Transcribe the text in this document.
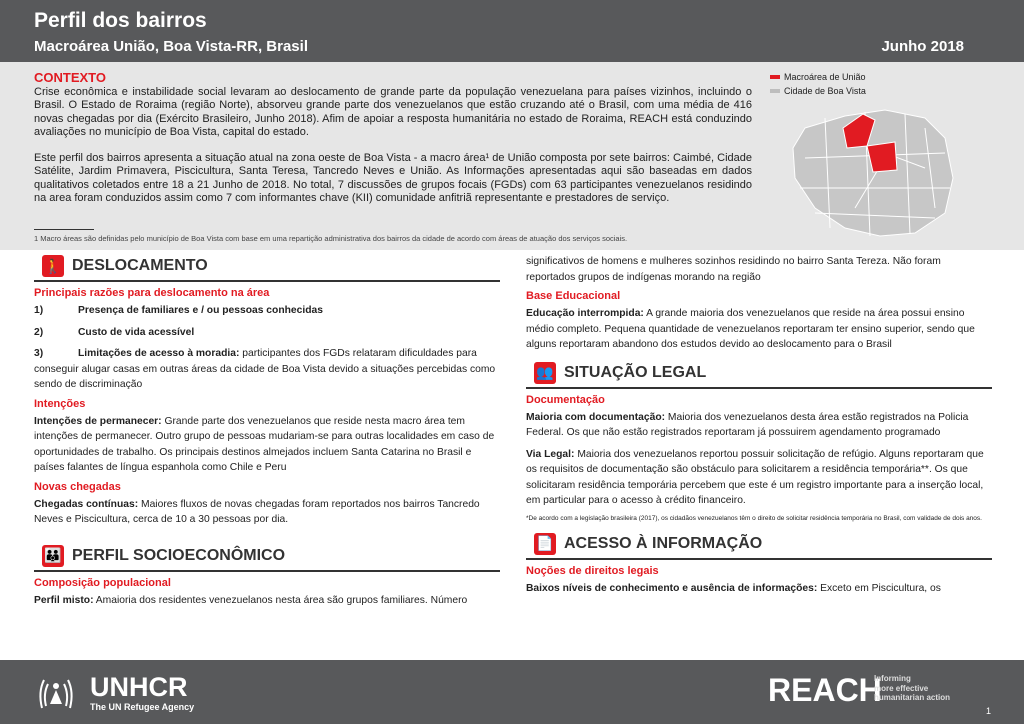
Perfil dos bairros
Macroárea União, Boa Vista-RR, Brasil	Junho 2018
CONTEXTO
Crise econômica e instabilidade social levaram ao deslocamento de grande parte da população venezuelana para países vizinhos, incluindo o Brasil. O Estado de Roraima (região Norte), absorveu grande parte dos venezuelanos que estão cruzando até o Brasil, com uma média de 416 novas chegadas por dia (Exército Brasileiro, Junho 2018). Afim de apoiar a resposta humanitária no estado de Roraima, REACH está conduzindo avaliações no município de Boa Vista, capital do estado.
Este perfil dos bairros apresenta a situação atual na zona oeste de Boa Vista - a macro área¹ de União composta por sete bairros: Caimbé, Cidade Satélite, Jardim Primavera, Piscicultura, Santa Teresa, Tancredo Neves e União. As Informações apresentadas aqui são baseadas em dados qualitativos coletados entre 18 a 21 Junho de 2018. No total, 7 discussões de grupos focais (FGDs) com 63 participantes venezuelanos residindo na area foram conduzidos assim como 7 com informantes chave (KII) comunidade anfitriã representante e prestadores de serviço.
1 Macro áreas são definidas pelo município de Boa Vista com base em uma repartição administrativa dos bairros da cidade de acordo com áreas de atuação dos serviços sociais.
Macroárea de União
Cidade de Boa Vista
🚶 DESLOCAMENTO
Principais razões para deslocamento na área
1)	Presença de familiares e / ou pessoas conhecidas
2)	Custo de vida acessível
3)	Limitações de acesso à moradia: participantes dos FGDs relataram dificuldades para conseguir alugar casas em outras áreas da cidade de Boa Vista devido a situações percebidas como sendo de discriminação
Intenções
Intenções de permanecer: Grande parte dos venezuelanos que reside nesta macro área tem intenções de permanecer. Outro grupo de pessoas mudariam-se para outras localidades em caso de oportunidades de trabalho. Os principais destinos almejados incluem Santa Catarina no Brasil e países falantes de língua espanhola como Chile e Peru
Novas chegadas
Chegadas contínuas: Maiores fluxos de novas chegadas foram reportados nos bairros Tancredo Neves e Piscicultura, cerca de 10 a 30 pessoas por dia.
👪 PERFIL SOCIOECONÔMICO
Composição populacional
Perfil misto: Amaioria dos residentes venezuelanos nesta área são grupos familiares. Número
significativos de homens e mulheres sozinhos residindo no bairro Santa Tereza. Não foram reportados grupos de indígenas morando na região
Base Educacional
Educação interrompida: A grande maioria dos venezuelanos que reside na área possui ensino médio completo. Pequena quantidade de venezuelanos reportaram ter ensino superior, sendo que alguns reportaram abandono dos estudos devido ao deslocamento para o Brasil
👥 SITUAÇÃO LEGAL
Documentação
Maioria com documentação: Maioria dos venezuelanos desta área estão registrados na Policia Federal. Os que não estão registrados reportaram já possuirem agendamento programado
Via Legal: Maioria dos venezuelanos reportou possuir solicitação de refúgio. Alguns reportaram que os requisitos de documentação são obstáculo para solicitarem a residência temporária**. Os que solicitaram residência temporária percebem que este é um registro importante para a inserção local, em particular para o acesso à crédito financeiro.
*De acordo com a legislação brasileira (2017), os cidadãos venezuelanos têm o direito de solicitar residência temporária no Brasil, com validade de dois anos.
📄 ACESSO À INFORMAÇÃO
Noções de direitos legais
Baixos níveis de conhecimento e ausência de informações: Exceto em Piscicultura, os
UNHCR
The UN Refugee Agency	REACH
Informing
more effective
humanitarian action
1
